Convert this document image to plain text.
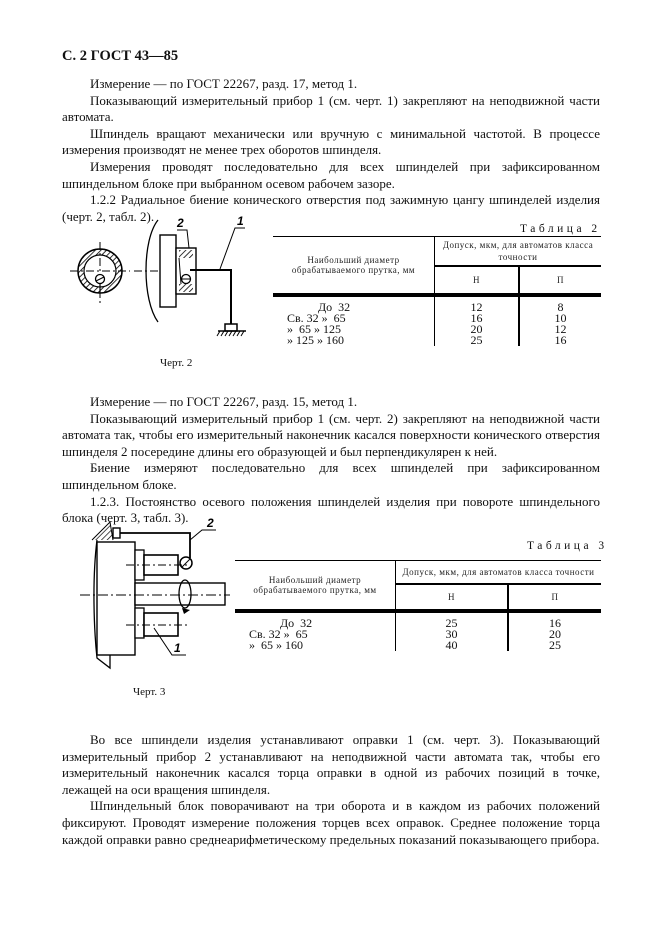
С. 2 ГОСТ 43—85

Измерение — по ГОСТ 22267, разд. 17, метод 1.

Показывающий измерительный прибор 1 (см. черт. 1) закрепляют на неподвижной части автомата.

Шпиндель вращают механически или вручную с минимальной частотой. В процессе измерения производят не менее трех оборотов шпинделя.

Измерения проводят последовательно для всех шпинделей при зафиксированном шпиндельном блоке при выбранном осевом рабочем зазоре.

1.2.2 Радиальное биение конического отверстия под зажимную цангу шпинделей изделия (черт. 2, табл. 2).	2	1
Черт. 2
Таблица 2
Наибольший диаметр обрабатываемого прутка, мм	Допуск, мкм, для автоматов класса точности	
	Н	П
До  32	12	8
Св. 32 »  65	16	10
»  65 » 125	20	12
» 125 » 160	25	16

Измерение — по ГОСТ 22267, разд. 15, метод 1.

Показывающий измерительный прибор 1 (см. черт. 2) закрепляют на неподвижной части автомата так, чтобы его измерительный наконечник касался поверхности конического отверстия шпинделя 2 посередине длины его образующей и был перпендикулярен к ней.

Биение измеряют последовательно для всех шпинделей при зафиксированном шпиндельном блоке.

1.2.3. Постоянство осевого положения шпинделей изделия при повороте шпиндельного блока (черт. 3, табл. 3).

1
2
Черт. 3
Таблица 3
Наибольший диаметр обрабатываемого прутка, мм	Допуск, мкм, для автоматов класса точности	
	Н	П
До  32	25	16
Св. 32 »  65	30	20
»  65 » 160	40	25

Во все шпиндели изделия устанавливают оправки 1 (см. черт. 3). Показывающий измерительный прибор 2 устанавливают на неподвижной части автомата так, чтобы его измерительный наконечник касался торца оправки в одной из рабочих позиций в точке, лежащей на оси вращения шпинделя.

Шпиндельный блок поворачивают на три оборота и в каждом из рабочих положений фиксируют. Проводят измерение положения торцев всех оправок. Среднее положение торца каждой оправки равно среднеарифметическому предельных показаний показывающего прибора.
